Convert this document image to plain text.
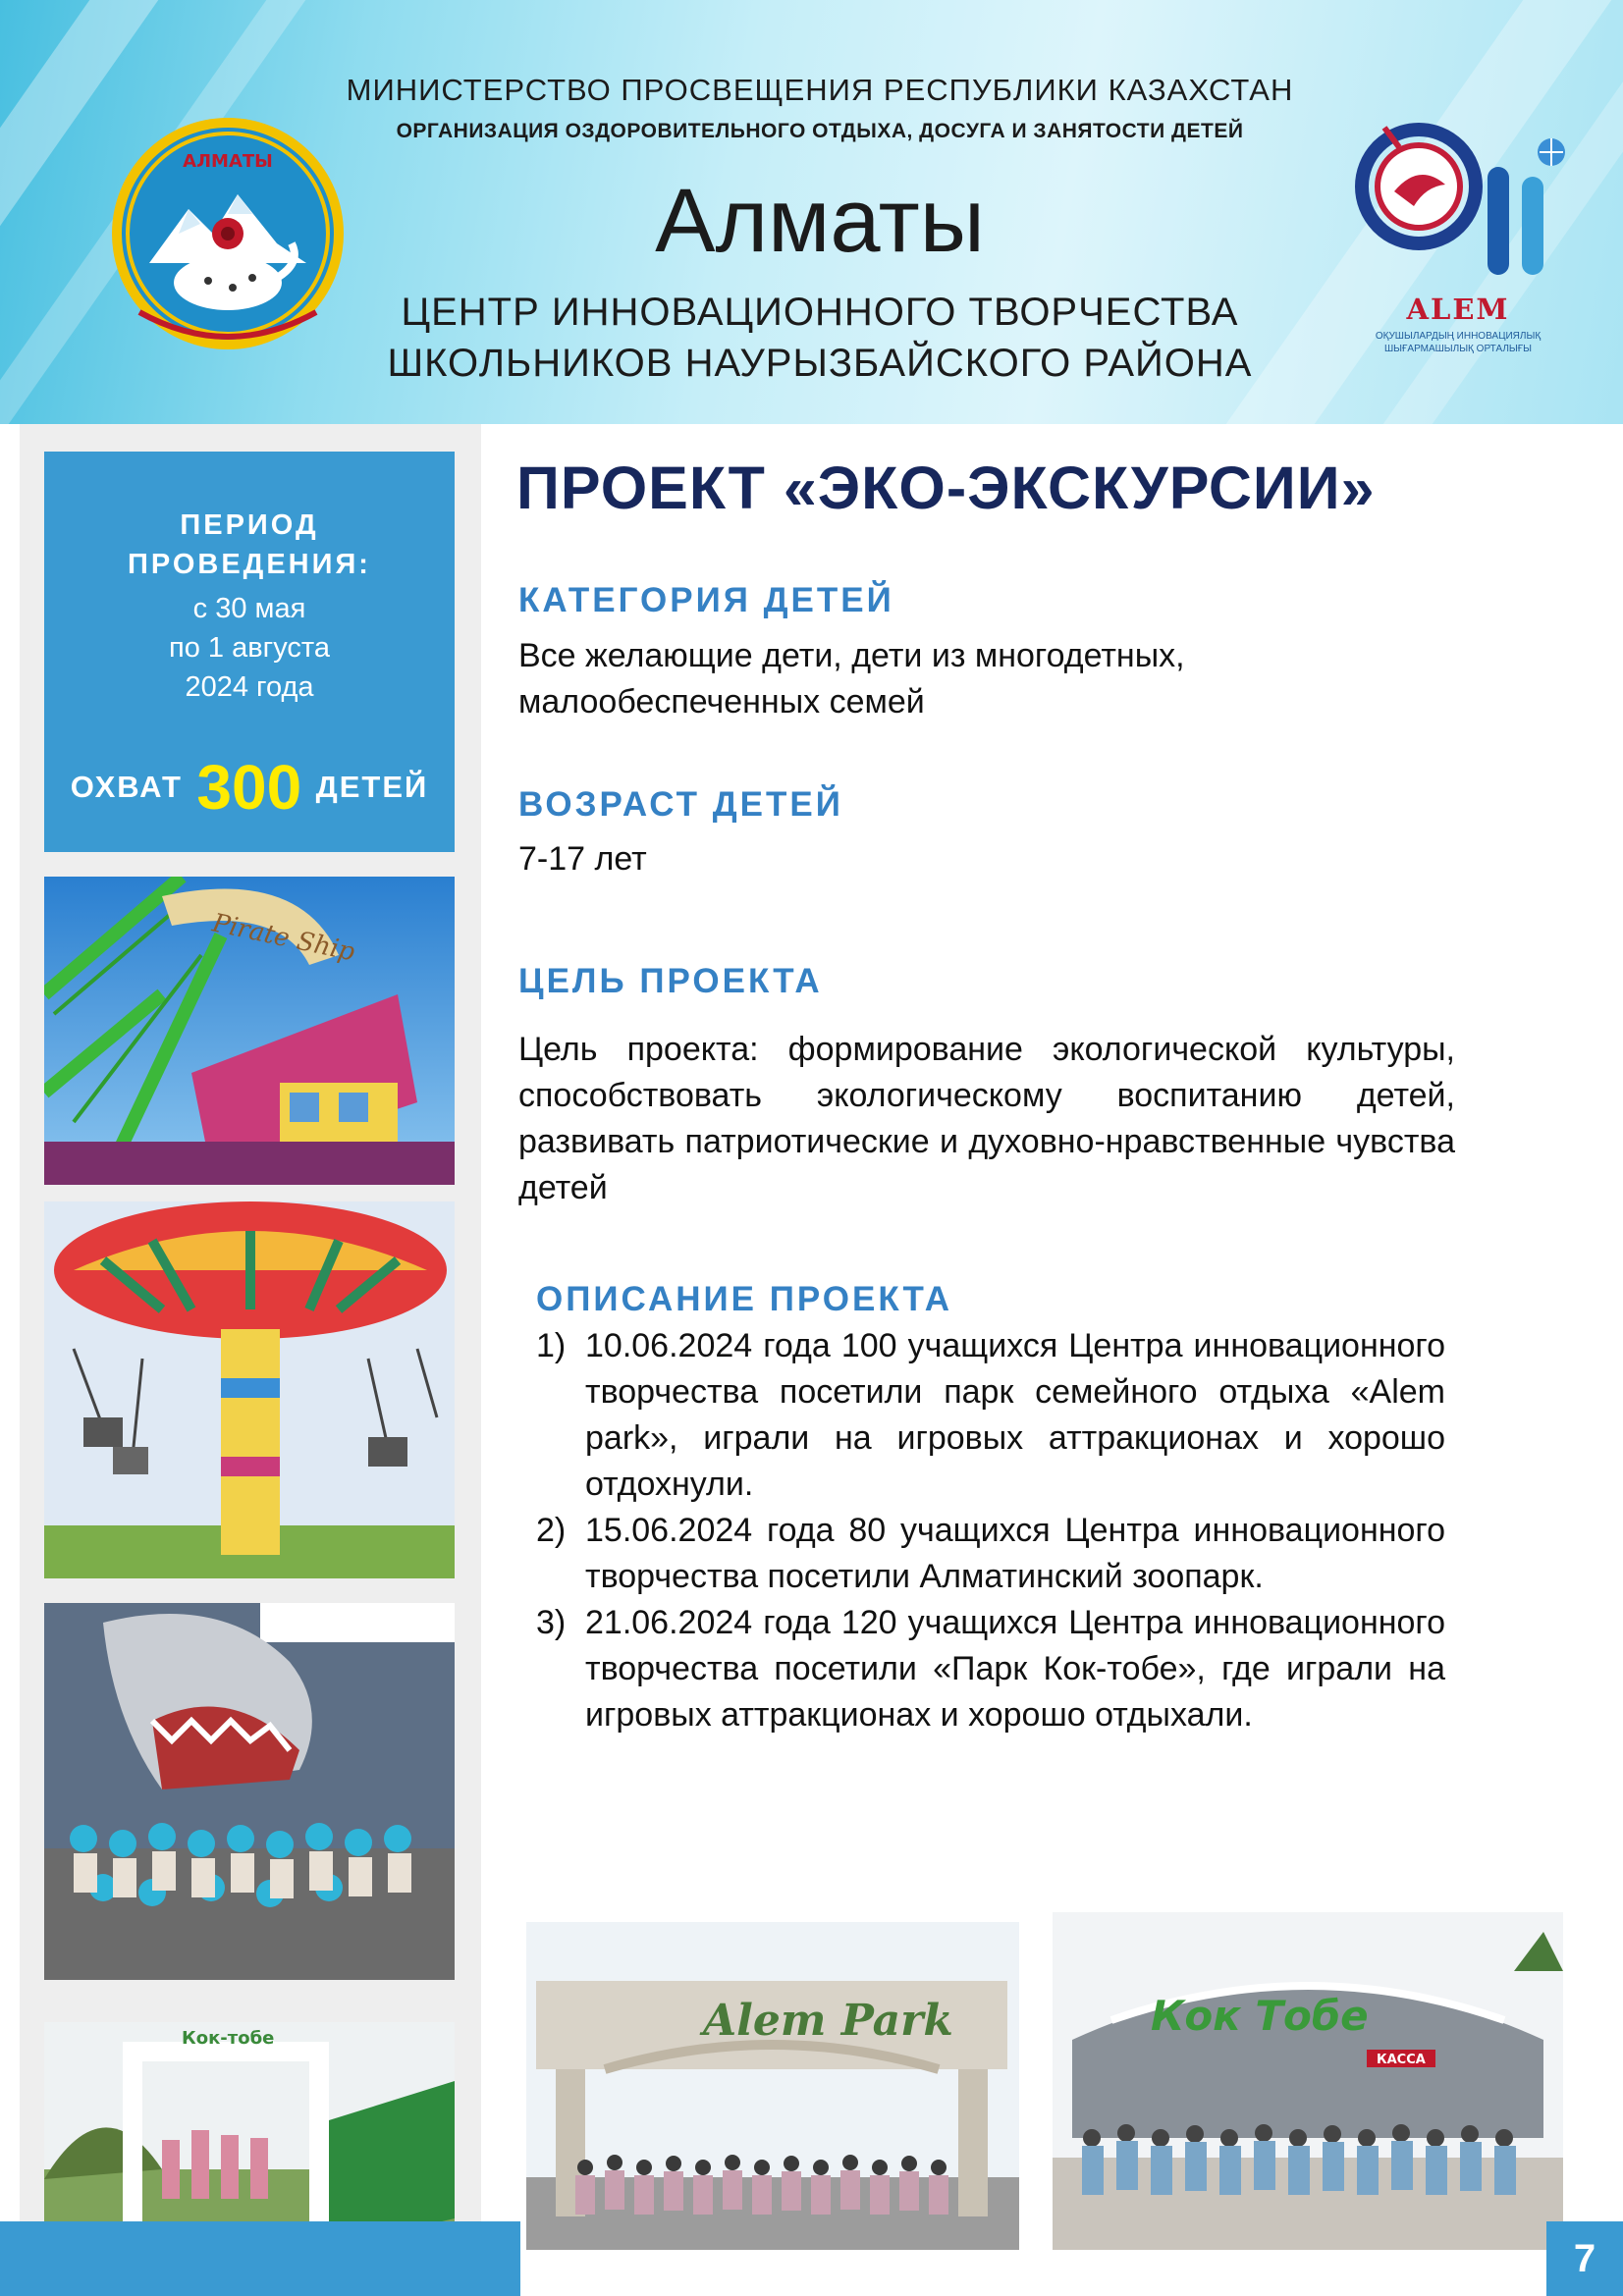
МИНИСТЕРСТВО ПРОСВЕЩЕНИЯ РЕСПУБЛИКИ КАЗАХСТАН
ОРГАНИЗАЦИЯ ОЗДОРОВИТЕЛЬНОГО ОТДЫХА, ДОСУГА И ЗАНЯТОСТИ ДЕТЕЙ
Алматы
ЦЕНТР ИННОВАЦИОННОГО ТВОРЧЕСТВА
ШКОЛЬНИКОВ НАУРЫЗБАЙСКОГО РАЙОНА
АЛМАТЫ
ALEM
ОҚУШЫЛАРДЫҢ ИННОВАЦИЯЛЫҚ ШЫҒАРМАШЫЛЫҚ ОРТАЛЫҒЫ
ПЕРИОД
ПРОВЕДЕНИЯ:
с 30 мая
по 1 августа
2024 года
ОХВАТ 300 ДЕТЕЙ
Pirate Ship
Кок-тобе
ПРОЕКТ «ЭКО-ЭКСКУРСИИ»
КАТЕГОРИЯ ДЕТЕЙ
Все желающие дети, дети из многодетных, малообеспеченных семей
ВОЗРАСТ ДЕТЕЙ
7-17 лет
ЦЕЛЬ ПРОЕКТА
Цель проекта: формирование экологической культуры, способствовать экологическому воспитанию детей, развивать патриотические и духовно-нравственные чувства детей
ОПИСАНИЕ ПРОЕКТА
1) 10.06.2024 года 100 учащихся Центра инновационного творчества посетили парк семейного отдыха «Alem park», играли на игровых аттракционах и хорошо отдохнули.
2) 15.06.2024 года 80 учащихся Центра инновационного творчества посетили Алматинский зоопарк.
3) 21.06.2024 года 120 учащихся Центра инновационного творчества посетили «Парк Кок-тобе», где играли на игровых аттракционах и хорошо отдыхали.
Alem Park	Кок Тобе
КАССА
7
